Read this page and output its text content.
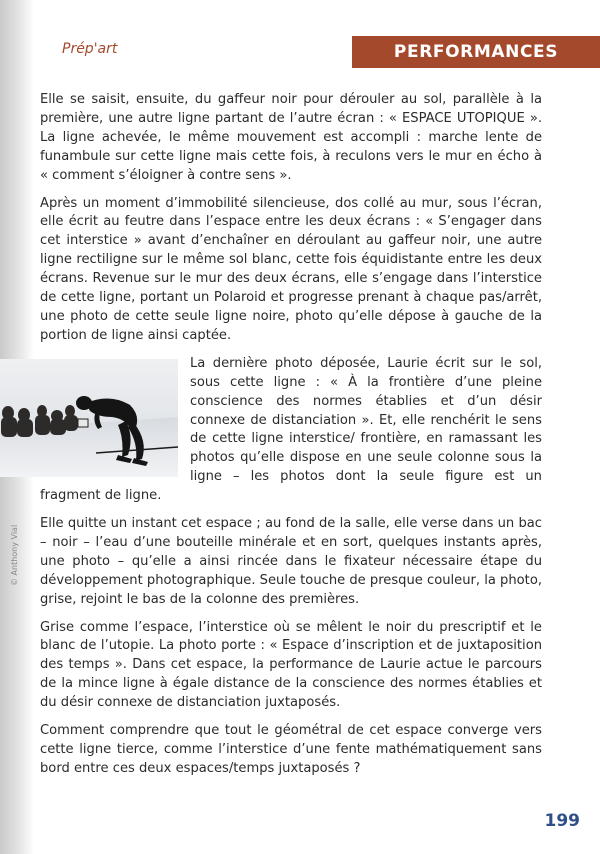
Prép'art	PERFORMANCES

Elle se saisit, ensuite, du gaffeur noir pour dérouler au sol, parallèle à la première, une autre ligne partant de l’autre écran : « ESPACE UTOPIQUE ». La ligne achevée, le même mouvement est accompli : marche lente de funambule sur cette ligne mais cette fois, à reculons vers le mur en écho à « comment s’éloigner à contre sens ».

Après un moment d’immobilité silencieuse, dos collé au mur, sous l’écran, elle écrit au feutre dans l’espace entre les deux écrans : « S’engager dans cet interstice » avant d’enchaîner en déroulant au gaffeur noir, une autre ligne rectiligne sur le même sol blanc, cette fois équidistante entre les deux écrans. Revenue sur le mur des deux écrans, elle s’engage dans l’interstice de cette ligne, portant un Polaroid et progresse prenant à chaque pas/arrêt, une photo de cette seule ligne noire, photo qu’elle dépose à gauche de la portion de ligne ainsi captée.

La dernière photo déposée, Laurie écrit sur le sol, sous cette ligne : « À la frontière d’une pleine conscience des normes établies et d’un désir connexe de distanciation ». Et, elle renchérit le sens de cette ligne interstice/ frontière, en ramassant les photos qu’elle dispose en une seule colonne sous la ligne – les photos dont la seule figure est un fragment de ligne.

Elle quitte un instant cet espace ; au fond de la salle, elle verse dans un bac – noir – l’eau d’une bouteille minérale et en sort, quelques instants après, une photo – qu’elle a ainsi rincée dans le fixateur nécessaire étape du développement photographique. Seule touche de presque couleur, la photo, grise, rejoint le bas de la colonne des premières.

Grise comme l’espace, l’interstice où se mêlent le noir du prescriptif et le blanc de l’utopie. La photo porte : « Espace d’inscription et de juxtaposition des temps ». Dans cet espace, la performance de Laurie actue le parcours de la mince ligne à égale distance de la conscience des normes établies et du désir connexe de distanciation juxtaposés.

Comment comprendre que tout le géométral de cet espace converge vers cette ligne tierce, comme l’interstice d’une fente mathématiquement sans bord entre ces deux espaces/temps juxtaposés ?

© Anthony Vial
199
